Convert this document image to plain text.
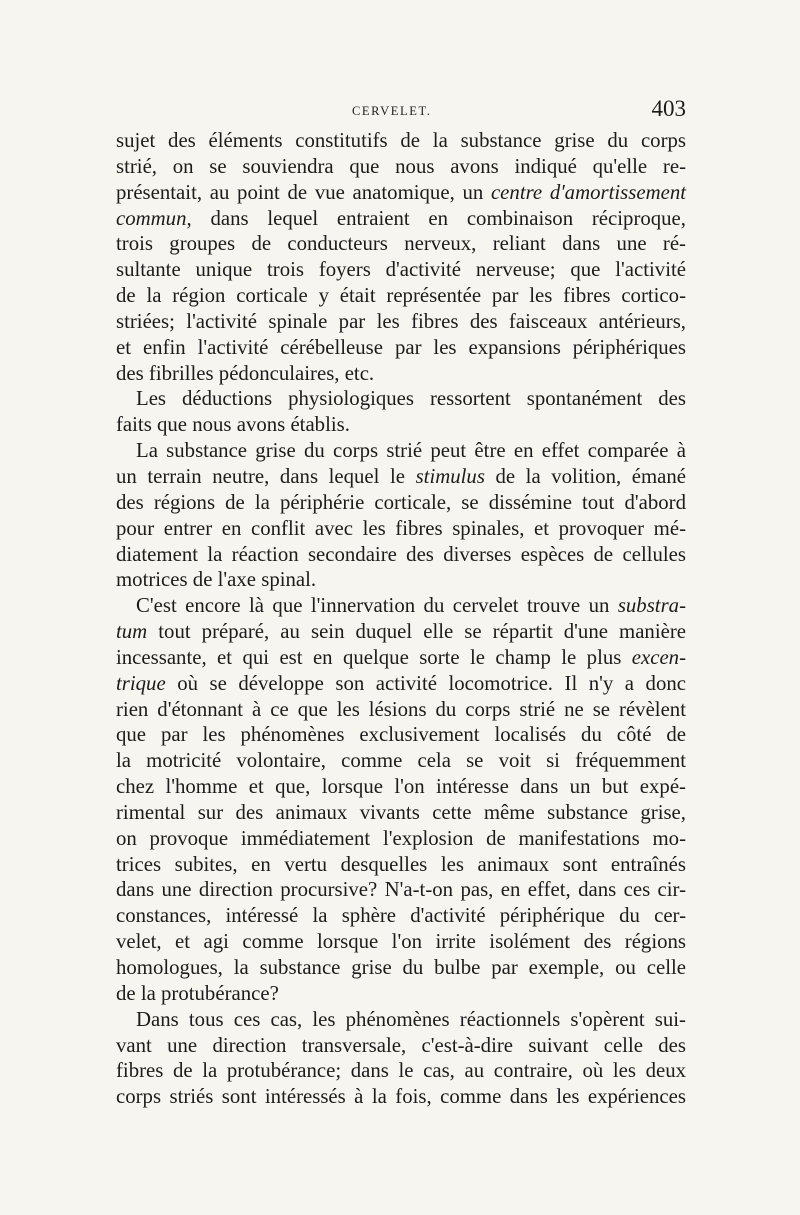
CERVELET.	403
sujet des éléments constitutifs de la substance grise du corps
strié, on se souviendra que nous avons indiqué qu'elle re-
présentait, au point de vue anatomique, un centre d'amortissement
commun, dans lequel entraient en combinaison réciproque,
trois groupes de conducteurs nerveux, reliant dans une ré-
sultante unique trois foyers d'activité nerveuse; que l'activité
de la région corticale y était représentée par les fibres cortico-
striées; l'activité spinale par les fibres des faisceaux antérieurs,
et enfin l'activité cérébelleuse par les expansions périphériques
des fibrilles pédonculaires, etc.
Les déductions physiologiques ressortent spontanément des
faits que nous avons établis.
La substance grise du corps strié peut être en effet comparée à
un terrain neutre, dans lequel le stimulus de la volition, émané
des régions de la périphérie corticale, se dissémine tout d'abord
pour entrer en conflit avec les fibres spinales, et provoquer mé-
diatement la réaction secondaire des diverses espèces de cellules
motrices de l'axe spinal.
C'est encore là que l'innervation du cervelet trouve un substra-
tum tout préparé, au sein duquel elle se répartit d'une manière
incessante, et qui est en quelque sorte le champ le plus excen-
trique où se développe son activité locomotrice. Il n'y a donc
rien d'étonnant à ce que les lésions du corps strié ne se révèlent
que par les phénomènes exclusivement localisés du côté de
la motricité volontaire, comme cela se voit si fréquemment
chez l'homme et que, lorsque l'on intéresse dans un but expé-
rimental sur des animaux vivants cette même substance grise,
on provoque immédiatement l'explosion de manifestations mo-
trices subites, en vertu desquelles les animaux sont entraînés
dans une direction procursive? N'a-t-on pas, en effet, dans ces cir-
constances, intéressé la sphère d'activité périphérique du cer-
velet, et agi comme lorsque l'on irrite isolément des régions
homologues, la substance grise du bulbe par exemple, ou celle
de la protubérance?
Dans tous ces cas, les phénomènes réactionnels s'opèrent sui-
vant une direction transversale, c'est-à-dire suivant celle des
fibres de la protubérance; dans le cas, au contraire, où les deux
corps striés sont intéressés à la fois, comme dans les expériences
